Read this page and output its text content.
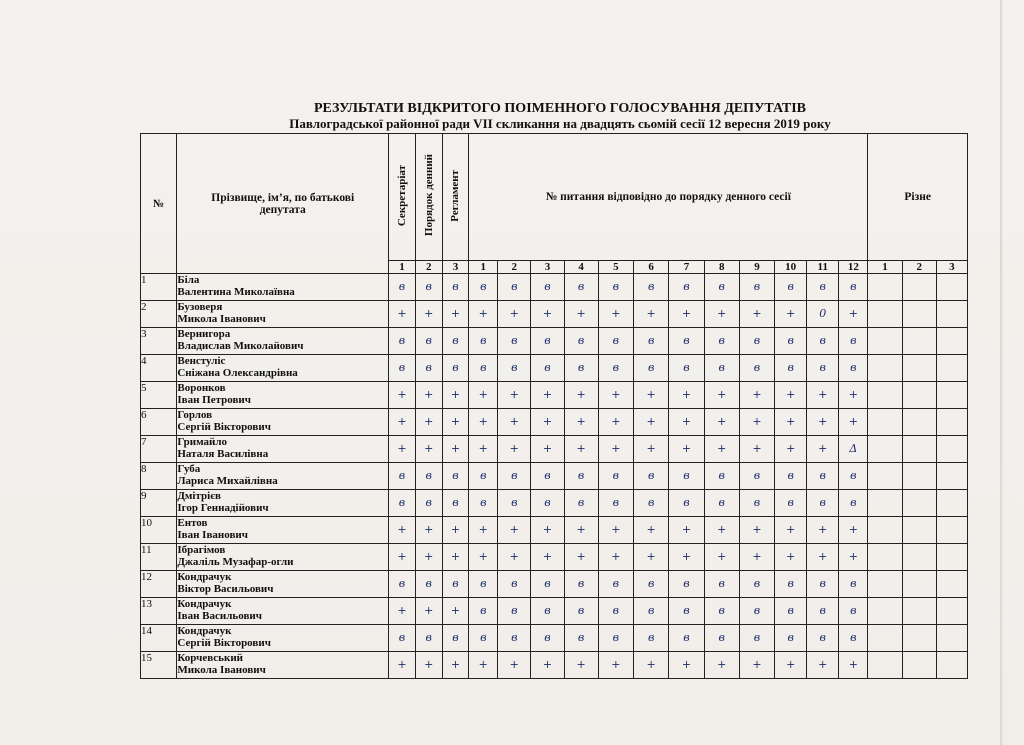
РЕЗУЛЬТАТИ ВІДКРИТОГО ПОІМЕННОГО ГОЛОСУВАННЯ ДЕПУТАТІВ
Павлоградської районної ради VII скликання на двадцять сьомій сесії 12 вересня 2019 року
№	Прізвище, ім’я, по батькові депутата	Секретаріат	Порядок денний	Регламент	№ питання відповідно до порядку денного сесії												Різне		
		1	2	3	1	2	3	4	5	6	7	8	9	10	11	12	1	2	3
1	Біла
Валентина Миколаївна	в	в	в	в	в	в	в	в	в	в	в	в	в	в	в			
2	Бузоверя
Микола Іванович	+	+	+	+	+	+	+	+	+	+	+	+	+	0	+			
3	Вернигора
Владислав Миколайович	в	в	в	в	в	в	в	в	в	в	в	в	в	в	в			
4	Венстуліс
Сніжана Олександрівна	в	в	в	в	в	в	в	в	в	в	в	в	в	в	в			
5	Воронков
Іван Петрович	+	+	+	+	+	+	+	+	+	+	+	+	+	+	+			
6	Горлов
Сергій Вікторович	+	+	+	+	+	+	+	+	+	+	+	+	+	+	+			
7	Гримайло
Наталя Василівна	+	+	+	+	+	+	+	+	+	+	+	+	+	+	Δ			
8	Губа
Лариса Михайлівна	в	в	в	в	в	в	в	в	в	в	в	в	в	в	в			
9	Дмітрієв
Ігор Геннадійович	в	в	в	в	в	в	в	в	в	в	в	в	в	в	в			
10	Ентов
Іван Іванович	+	+	+	+	+	+	+	+	+	+	+	+	+	+	+			
11	Ібрагімов
Джаліль Музафар-огли	+	+	+	+	+	+	+	+	+	+	+	+	+	+	+			
12	Кондрачук
Віктор Васильович	в	в	в	в	в	в	в	в	в	в	в	в	в	в	в			
13	Кондрачук
Іван Васильович	+	+	+	в	в	в	в	в	в	в	в	в	в	в	в			
14	Кондрачук
Сергій Вікторович	в	в	в	в	в	в	в	в	в	в	в	в	в	в	в			
15	Корчевський
Микола Іванович	+	+	+	+	+	+	+	+	+	+	+	+	+	+	+			
